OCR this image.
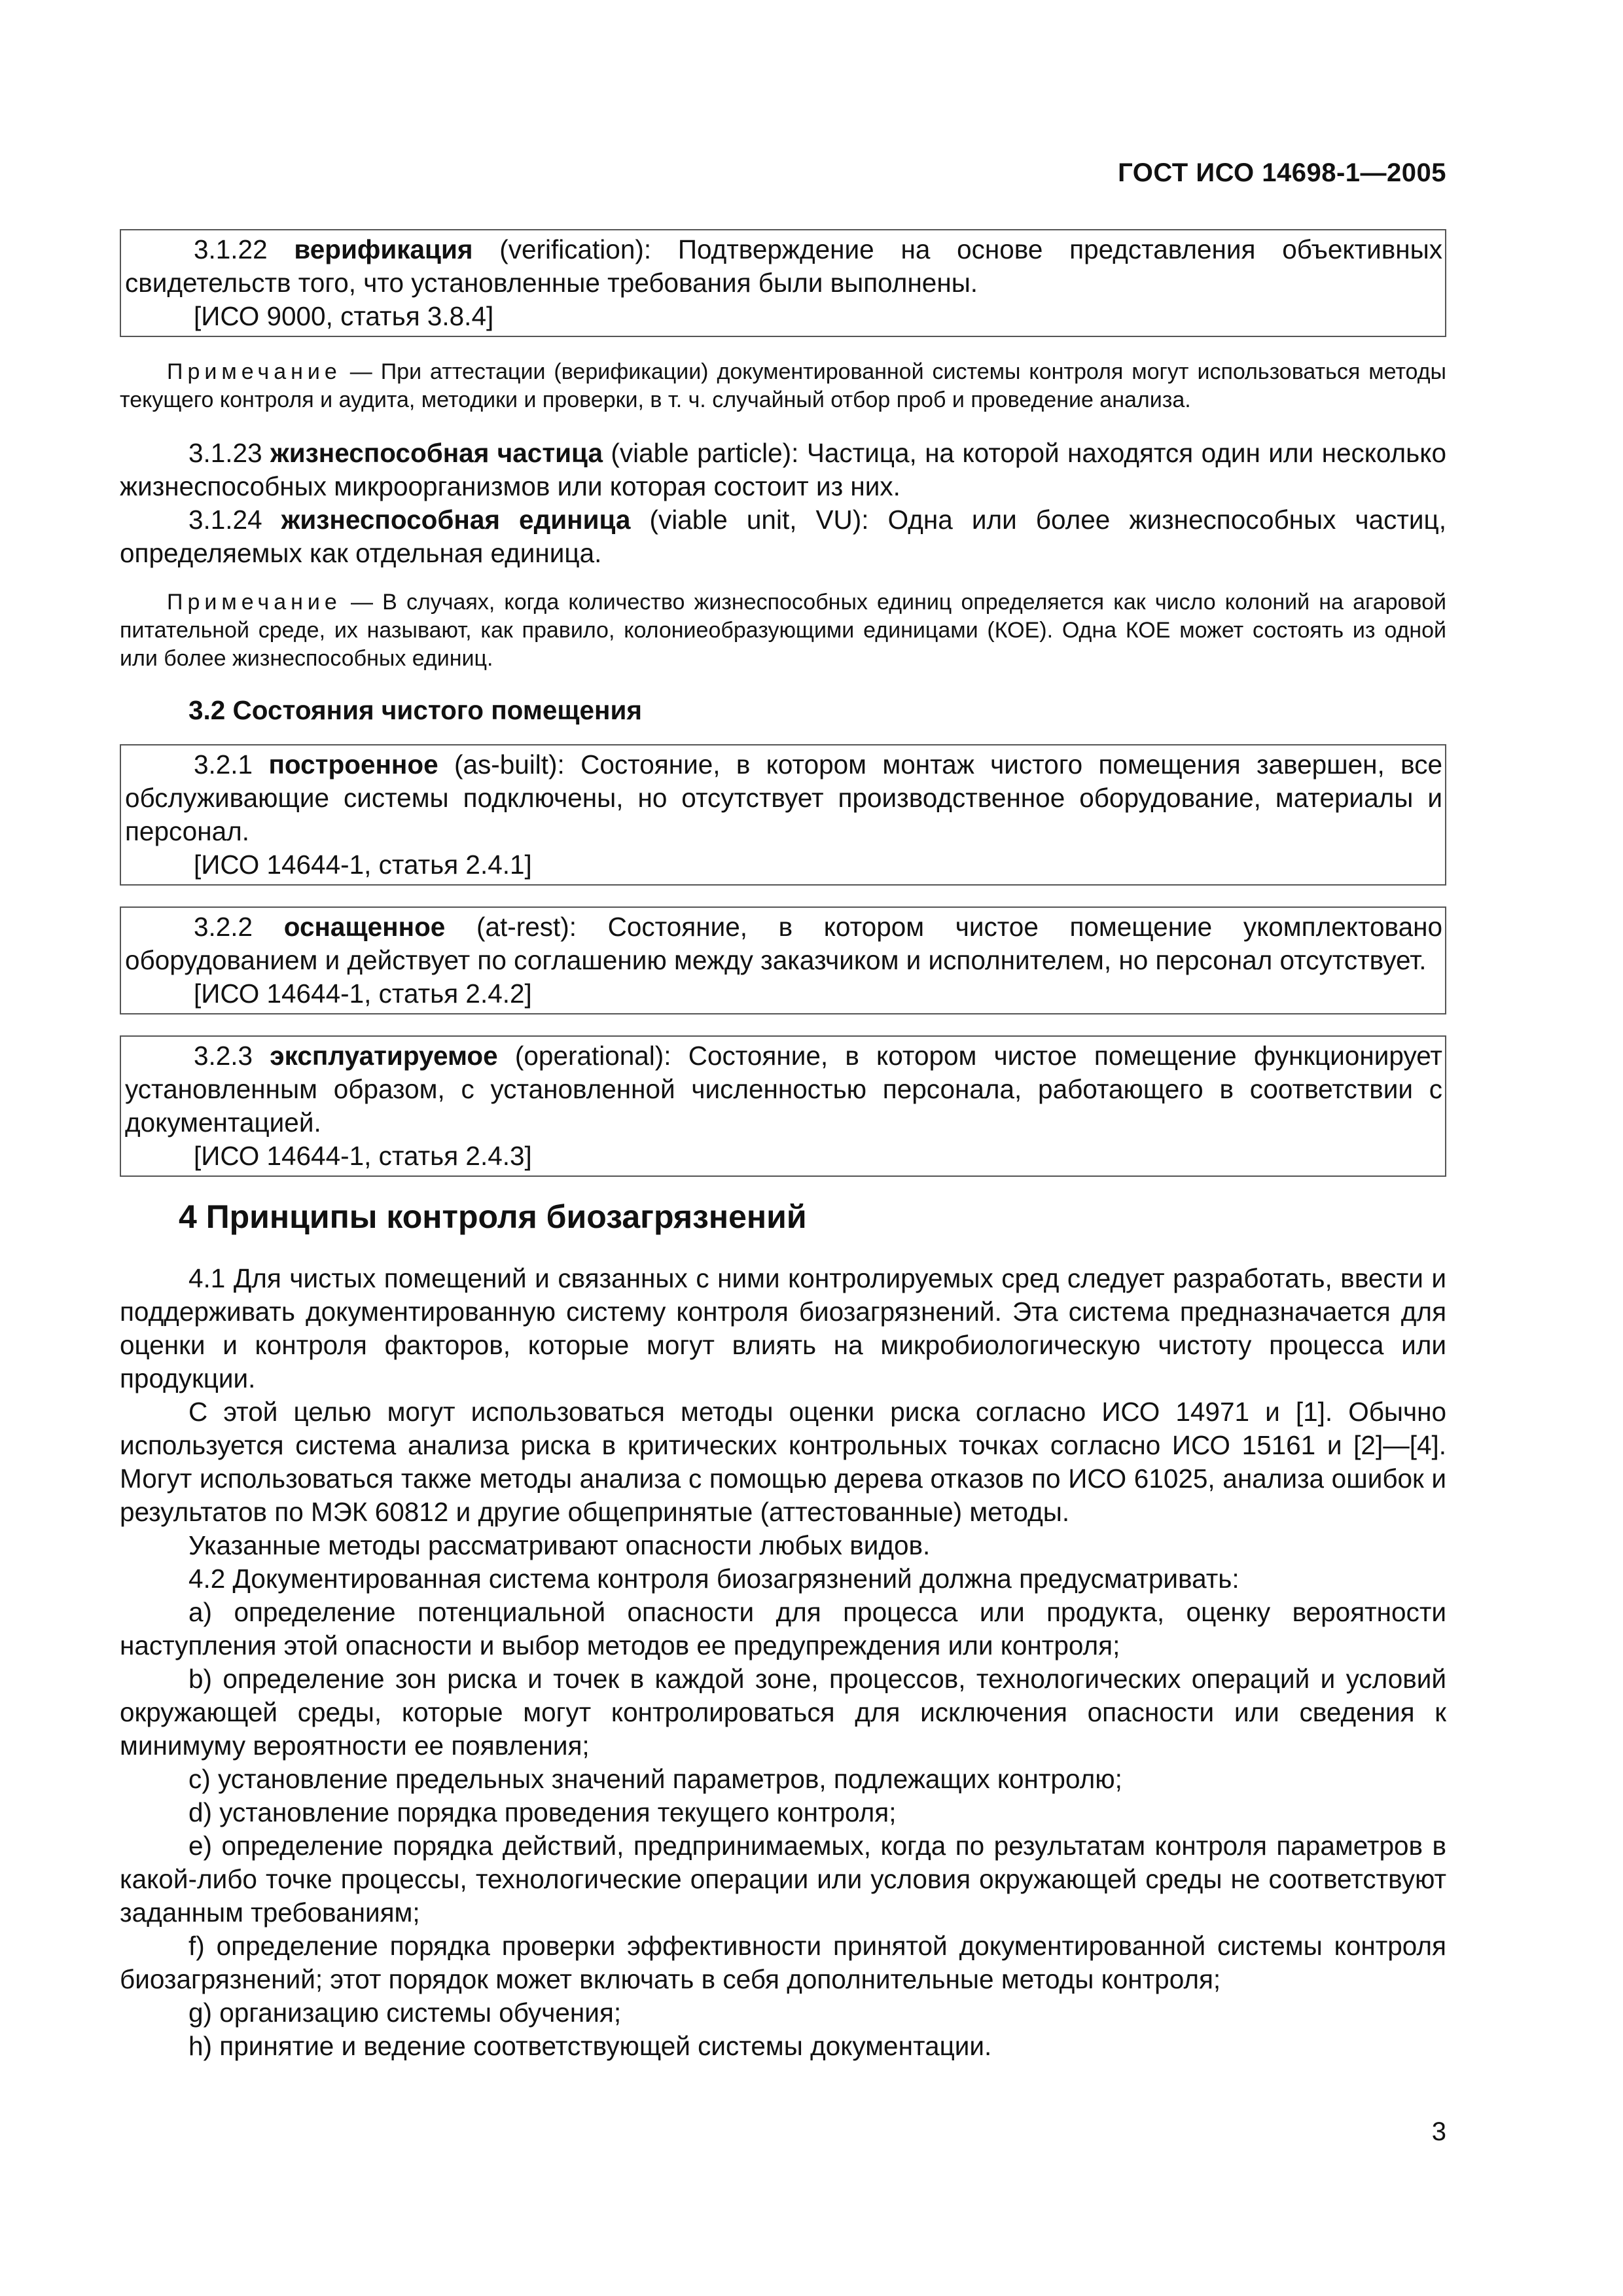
ГОСТ ИСО 14698-1—2005

3.1.22 верификация (verification): Подтверждение на основе представления объективных свидетельств того, что установленные требования были выполнены.

[ИСО 9000, статья 3.8.4]

Примечание — При аттестации (верификации) документированной системы контроля могут использоваться методы текущего контроля и аудита, методики и проверки, в т. ч. случайный отбор проб и проведение анализа.

3.1.23 жизнеспособная частица (viable particle): Частица, на которой находятся один или несколько жизнеспособных микроорганизмов или которая состоит из них.

3.1.24 жизнеспособная единица (viable unit, VU): Одна или более жизнеспособных частиц, определяемых как отдельная единица.

Примечание — В случаях, когда количество жизнеспособных единиц определяется как число колоний на агаровой питательной среде, их называют, как правило, колониеобразующими единицами (КОЕ). Одна КОЕ может состоять из одной или более жизнеспособных единиц.

3.2 Состояния чистого помещения

3.2.1 построенное (as-built): Состояние, в котором монтаж чистого помещения завершен, все обслуживающие системы подключены, но отсутствует производственное оборудование, материалы и персонал.

[ИСО 14644-1, статья 2.4.1]

3.2.2 оснащенное (at-rest): Состояние, в котором чистое помещение укомплектовано оборудованием и действует по соглашению между заказчиком и исполнителем, но персонал отсутствует.

[ИСО 14644-1, статья 2.4.2]

3.2.3 эксплуатируемое (operational): Состояние, в котором чистое помещение функционирует установленным образом, с установленной численностью персонала, работающего в соответствии с документацией.

[ИСО 14644-1, статья 2.4.3]

4 Принципы контроля биозагрязнений

4.1 Для чистых помещений и связанных с ними контролируемых сред следует разработать, ввести и поддерживать документированную систему контроля биозагрязнений. Эта система предназначается для оценки и контроля факторов, которые могут влиять на микробиологическую чистоту процесса или продукции.

С этой целью могут использоваться методы оценки риска согласно ИСО 14971 и [1]. Обычно используется система анализа риска в критических контрольных точках согласно ИСО 15161 и [2]—[4]. Могут использоваться также методы анализа с помощью дерева отказов по ИСО 61025, анализа ошибок и результатов по МЭК 60812 и другие общепринятые (аттестованные) методы.

Указанные методы рассматривают опасности любых видов.

4.2 Документированная система контроля биозагрязнений должна предусматривать:

a) определение потенциальной опасности для процесса или продукта, оценку вероятности наступления этой опасности и выбор методов ее предупреждения или контроля;

b) определение зон риска и точек в каждой зоне, процессов, технологических операций и условий окружающей среды, которые могут контролироваться для исключения опасности или сведения к минимуму вероятности ее появления;

c) установление предельных значений параметров, подлежащих контролю;

d) установление порядка проведения текущего контроля;

e) определение порядка действий, предпринимаемых, когда по результатам контроля параметров в какой-либо точке процессы, технологические операции или условия окружающей среды не соответствуют заданным требованиям;

f) определение порядка проверки эффективности принятой документированной системы контроля биозагрязнений; этот порядок может включать в себя дополнительные методы контроля;

g) организацию системы обучения;

h) принятие и ведение соответствующей системы документации.

3
